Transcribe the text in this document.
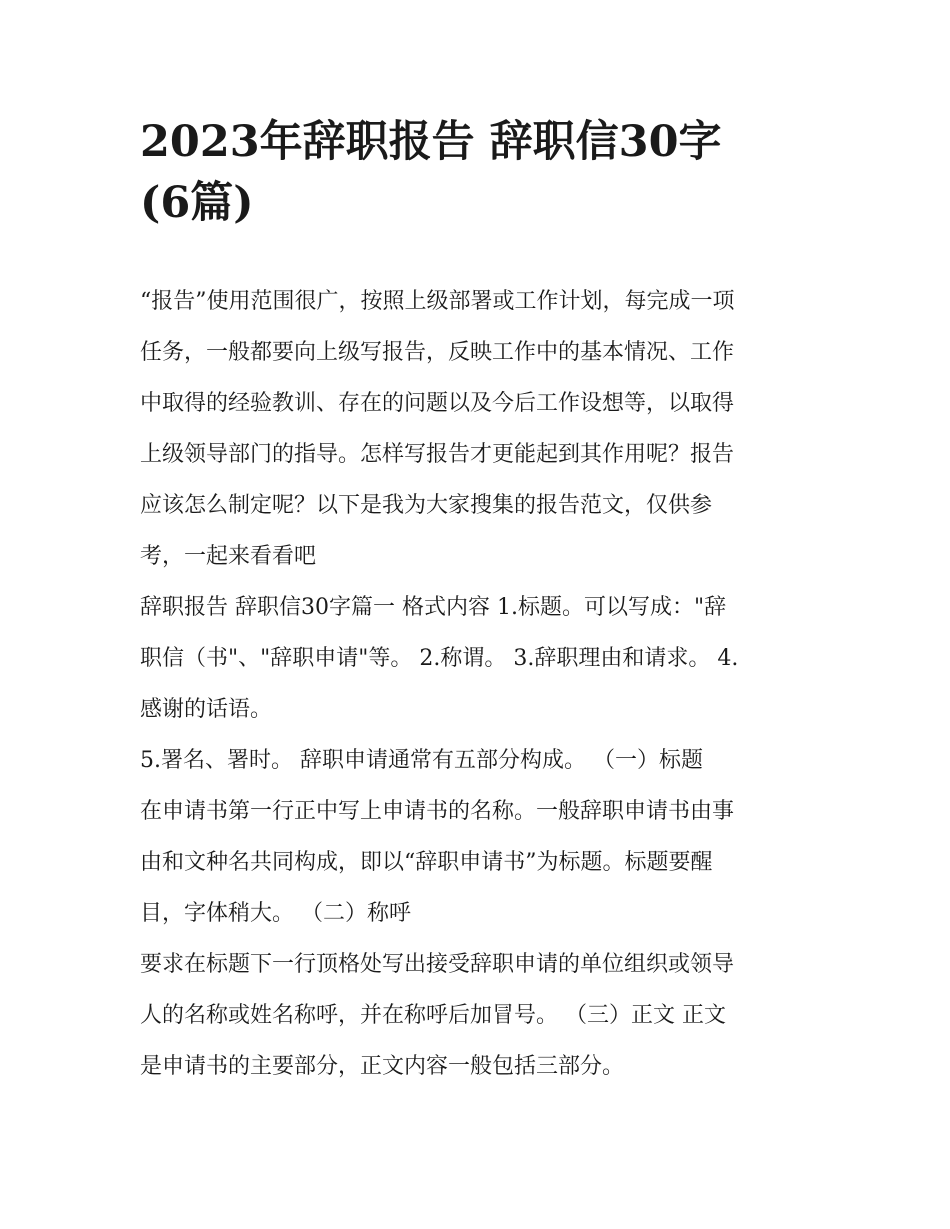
2023年辞职报告 辞职信30字
(6篇)
“报告”使用范围很广，按照上级部署或工作计划，每完成一项
任务，一般都要向上级写报告，反映工作中的基本情况、工作
中取得的经验教训、存在的问题以及今后工作设想等，以取得
上级领导部门的指导。怎样写报告才更能起到其作用呢？报告
应该怎么制定呢？以下是我为大家搜集的报告范文，仅供参
考，一起来看看吧
辞职报告 辞职信30字篇一 格式内容 1.标题。可以写成："辞
职信（书"、"辞职申请"等。 2.称谓。 3.辞职理由和请求。 4.
感谢的话语。
5.署名、署时。 辞职申请通常有五部分构成。 （一）标题
在申请书第一行正中写上申请书的名称。一般辞职申请书由事
由和文种名共同构成，即以“辞职申请书”为标题。标题要醒
目，字体稍大。 （二）称呼
要求在标题下一行顶格处写出接受辞职申请的单位组织或领导
人的名称或姓名称呼，并在称呼后加冒号。 （三）正文 正文
是申请书的主要部分，正文内容一般包括三部分。
